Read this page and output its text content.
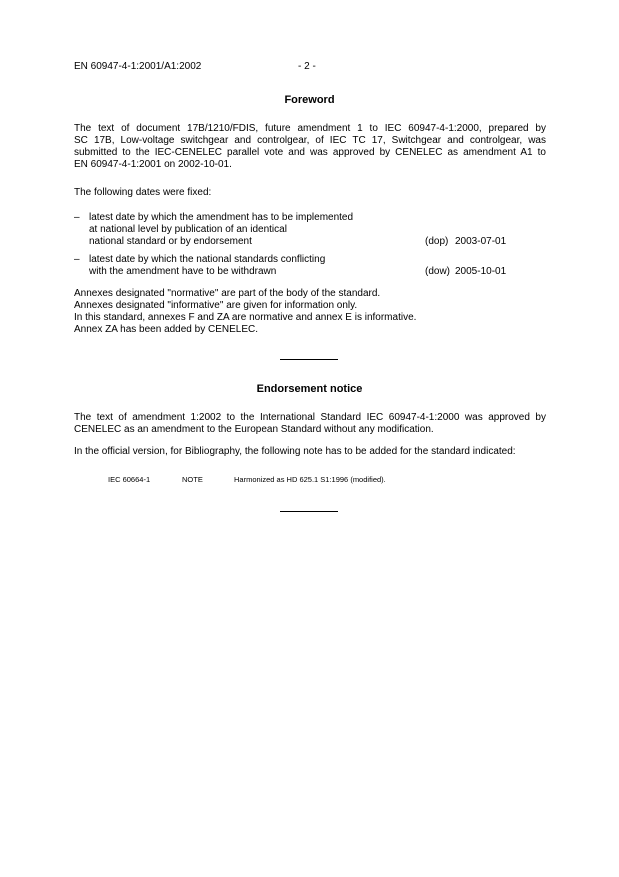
EN 60947-4-1:2001/A1:2002	- 2 -
Foreword
The text of document 17B/1210/FDIS, future amendment 1 to IEC 60947-4-1:2000, prepared by
SC 17B, Low-voltage switchgear and controlgear, of IEC TC 17, Switchgear and controlgear, was
submitted to the IEC-CENELEC parallel vote and was approved by CENELEC as amendment A1 to
EN 60947-4-1:2001 on 2002-10-01.
The following dates were fixed:
– latest date by which the amendment has to be implemented
at national level by publication of an identical
national standard or by endorsement	(dop) 2003-07-01
– latest date by which the national standards conflicting
with the amendment have to be withdrawn	(dow) 2005-10-01
Annexes designated "normative" are part of the body of the standard.
Annexes designated "informative" are given for information only.
In this standard, annexes F and ZA are normative and annex E is informative.
Annex ZA has been added by CENELEC.
Endorsement notice
The text of amendment 1:2002 to the International Standard IEC 60947-4-1:2000 was approved by
CENELEC as an amendment to the European Standard without any modification.
In the official version, for Bibliography, the following note has to be added for the standard indicated:
IEC 60664-1	NOTE	Harmonized as HD 625.1 S1:1996 (modified).
